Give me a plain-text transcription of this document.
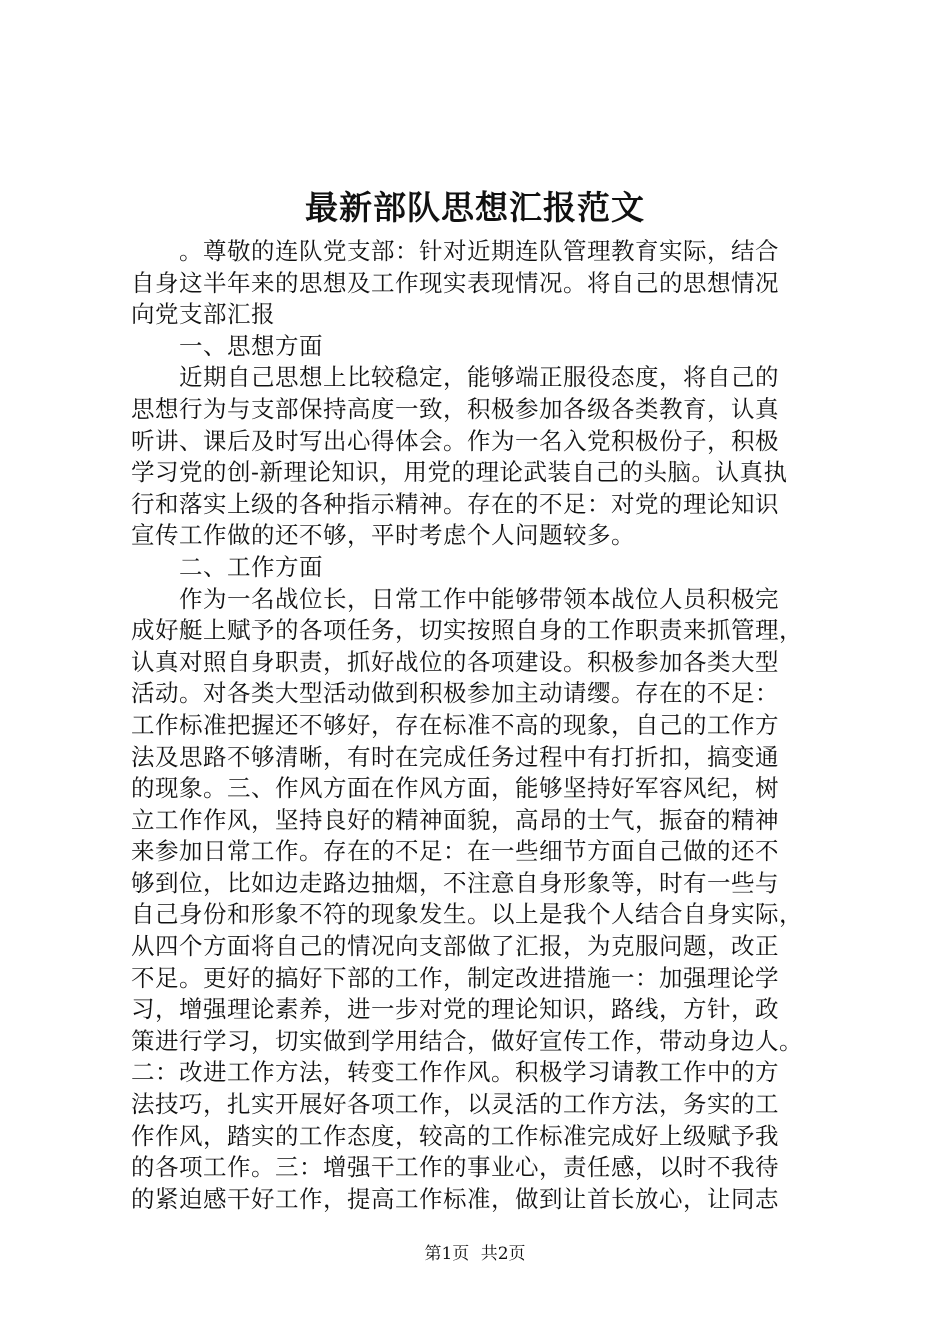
最新部队思想汇报范文
。尊敬的连队党支部：针对近期连队管理教育实际，结合
自身这半年来的思想及工作现实表现情况。将自己的思想情况
向党支部汇报
一、思想方面
近期自己思想上比较稳定，能够端正服役态度，将自己的
思想行为与支部保持高度一致，积极参加各级各类教育，认真
听讲、课后及时写出心得体会。作为一名入党积极份子，积极
学习党的创-新理论知识，用党的理论武装自己的头脑。认真执
行和落实上级的各种指示精神。存在的不足：对党的理论知识
宣传工作做的还不够，平时考虑个人问题较多。
二、工作方面
作为一名战位长，日常工作中能够带领本战位人员积极完
成好艇上赋予的各项任务，切实按照自身的工作职责来抓管理，
认真对照自身职责，抓好战位的各项建设。积极参加各类大型
活动。对各类大型活动做到积极参加主动请缨。存在的不足：
工作标准把握还不够好，存在标准不高的现象，自己的工作方
法及思路不够清晰，有时在完成任务过程中有打折扣，搞变通
的现象。三、作风方面在作风方面，能够坚持好军容风纪，树
立工作作风，坚持良好的精神面貌，高昂的士气，振奋的精神
来参加日常工作。存在的不足：在一些细节方面自己做的还不
够到位，比如边走路边抽烟，不注意自身形象等，时有一些与
自己身份和形象不符的现象发生。以上是我个人结合自身实际，
从四个方面将自己的情况向支部做了汇报，为克服问题，改正
不足。更好的搞好下部的工作，制定改进措施一：加强理论学
习，增强理论素养，进一步对党的理论知识，路线，方针，政
策进行学习，切实做到学用结合，做好宣传工作，带动身边人。
二：改进工作方法，转变工作作风。积极学习请教工作中的方
法技巧，扎实开展好各项工作，以灵活的工作方法，务实的工
作作风，踏实的工作态度，较高的工作标准完成好上级赋予我
的各项工作。三：增强干工作的事业心，责任感，以时不我待
的紧迫感干好工作，提高工作标准，做到让首长放心，让同志
第1页 共2页
